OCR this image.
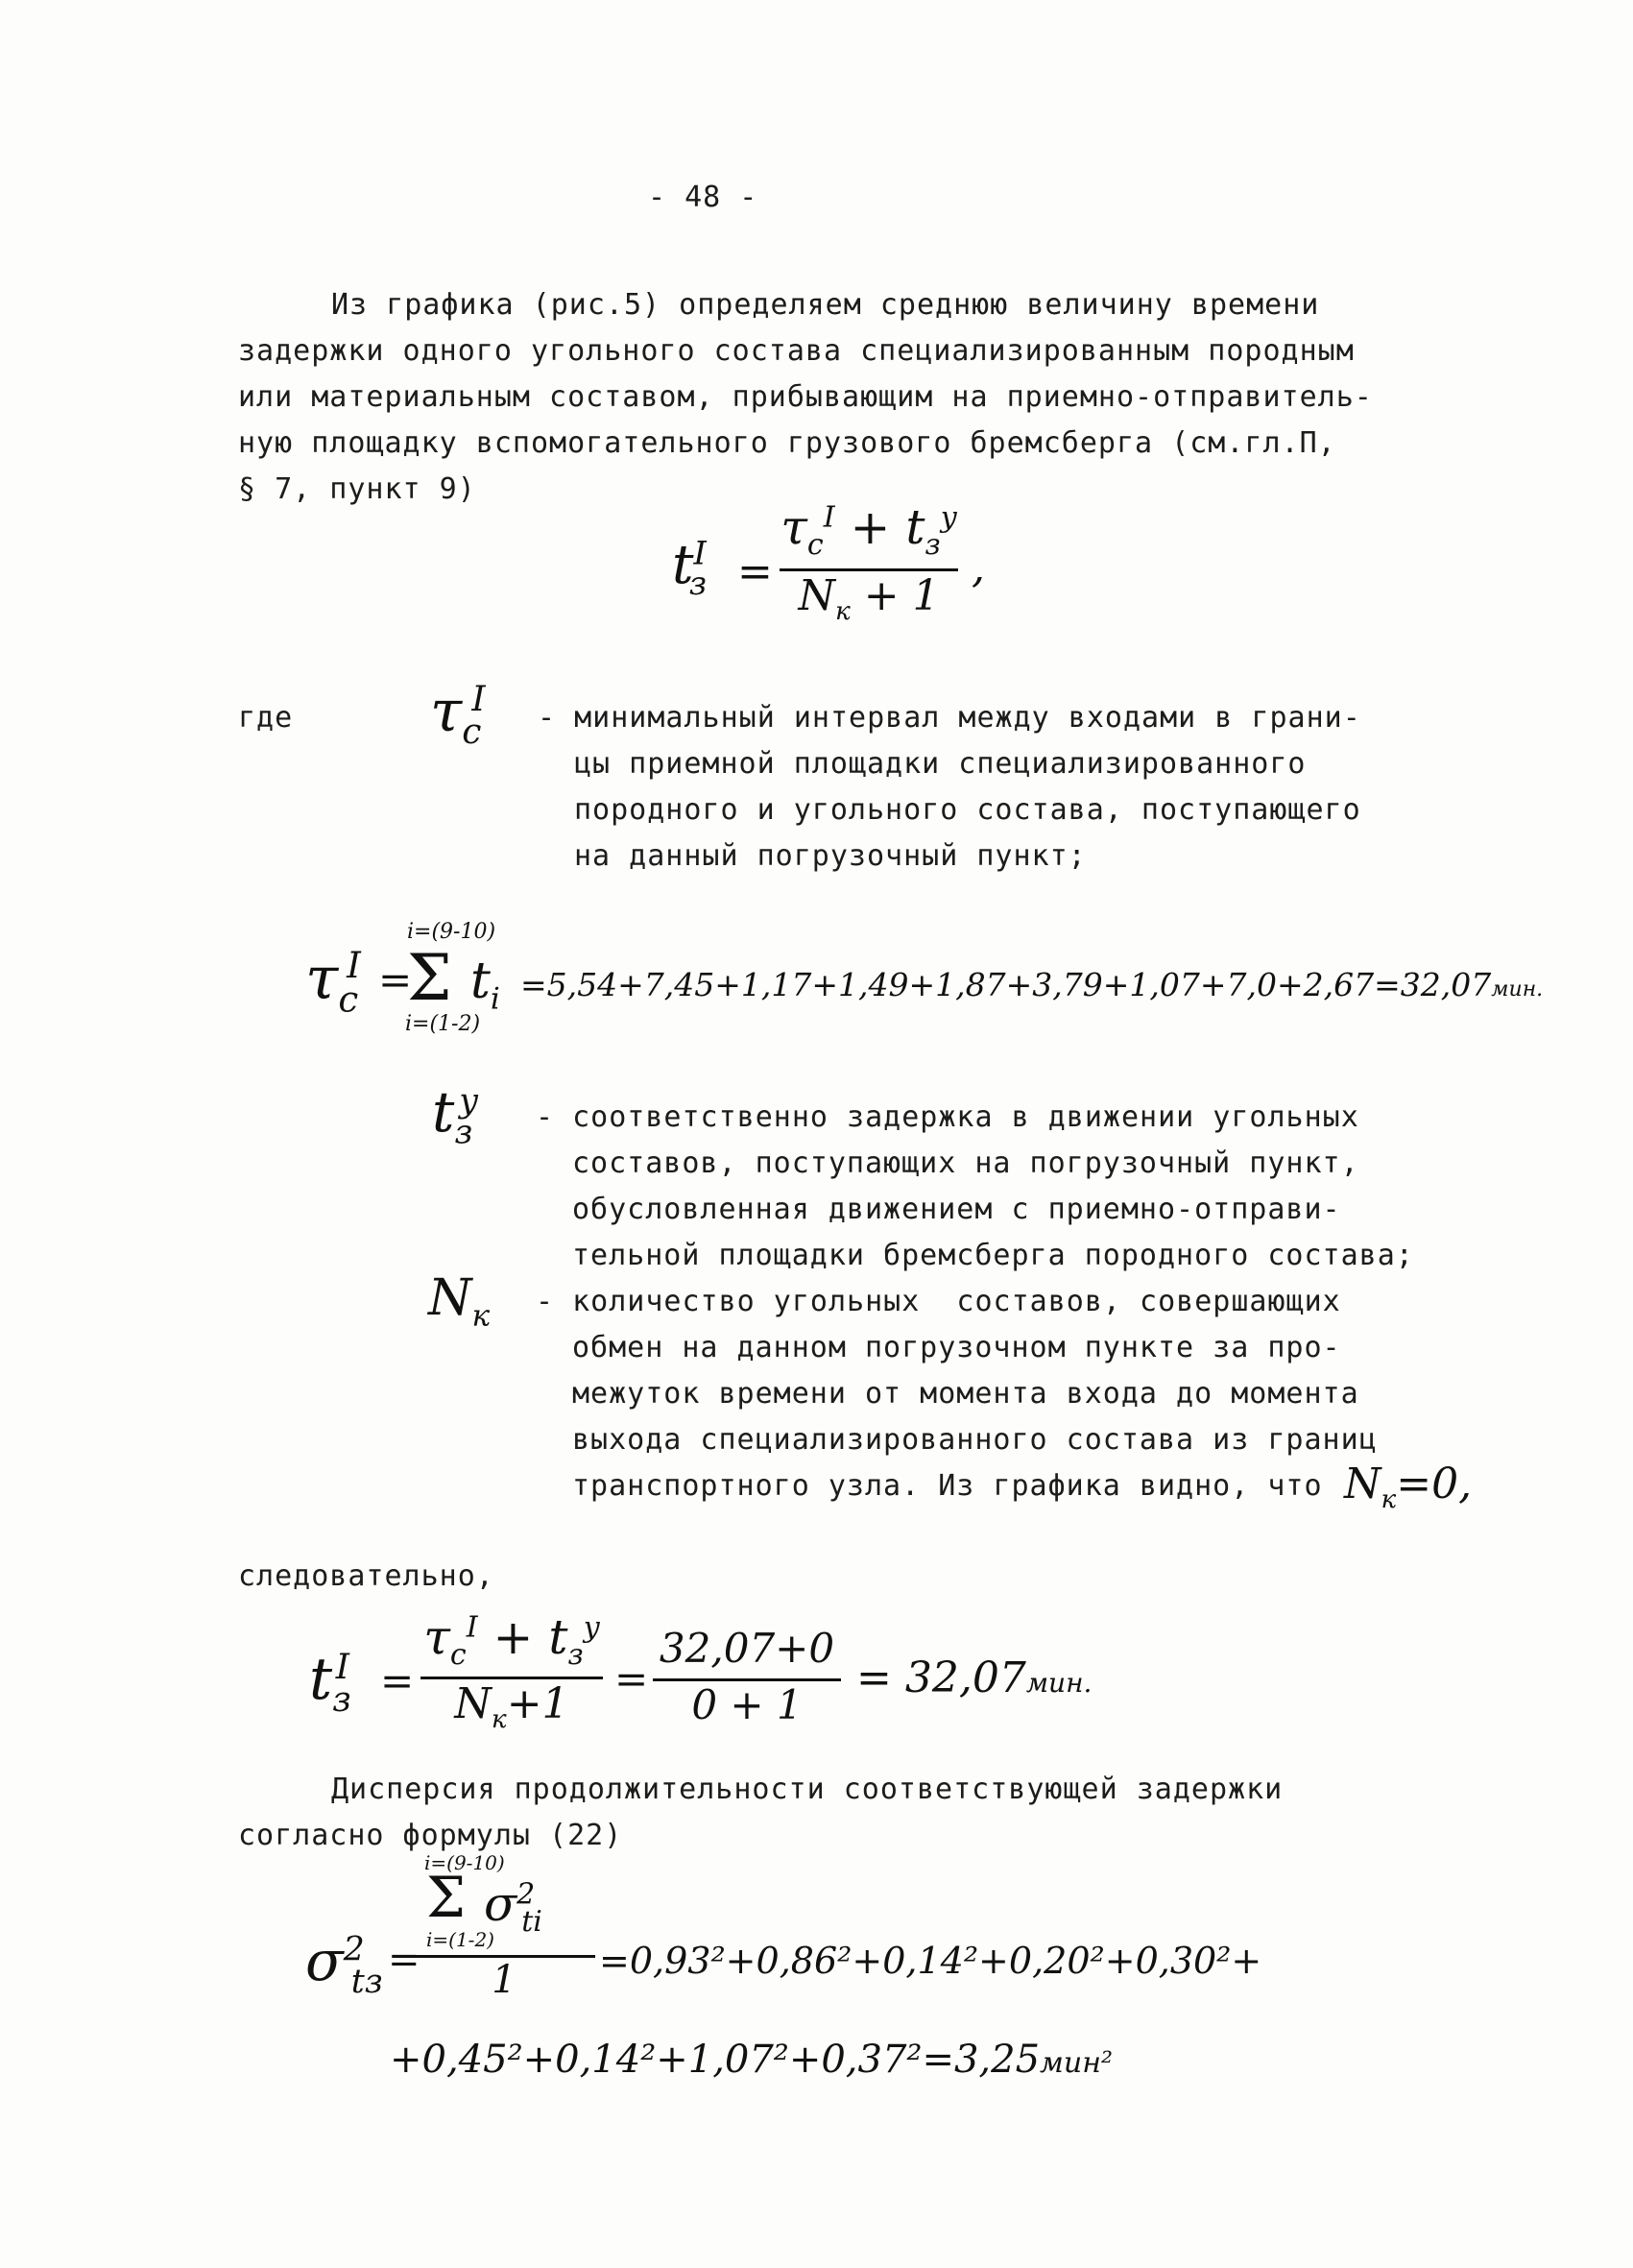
- 48 -
Из графика (рис.5) определяем среднюю величину времени
задержки одного угольного состава специализированным породным
или материальным составом, прибывающим на приемно-отправитель-
ную площадку вспомогательного грузового бремсберга (см.гл.П,
§ 7, пункт 9)
$t^I_з$ =
$\tau_c^I + t_з^y$
$N_к + 1$
,
где $\tau_c^I$ - минимальный интервал между входами в грани-
цы приемной площадки специализированного
породного и угольного состава, поступающего
на данный погрузочный пункт;
$\tau_c^I$ =
i=(9-10)
Σ
i=(1-2)
$t_i =5,54+7,45+1,17+1,49+1,87+3,79+1,07+7,0+2,67=32,07мин$.
$t_з^y$ - соответственно задержка в движении угольных
составов, поступающих на погрузочный пункт,
обусловленная движением с приемно-отправи-
тельной площадки бремсберга породного состава;
$N_к$ - количество угольных  составов, совершающих
обмен на данном погрузочном пункте за про-
межуток времени от момента входа до момента
выхода специализированного состава из границ
транспортного узла. Из графика видно, что $N_к=0$,
следовательно,
$t_з^I$ =
$\tau_c^I + t_з^y$
$N_к+1$
=
32,07+0
0 + 1
= 32,07мин.
Дисперсия продолжительности соответствующей задержки
согласно формулы (22)
$\sigma^2_{tз}$ =
i=(9-10)
Σ
i=(1-2)
$\sigma^2_{ti}$
1 =0,93²+0,86²+0,14²+0,20²+0,30²+
+0,45²+0,14²+1,07²+0,37²=3,25мин²
